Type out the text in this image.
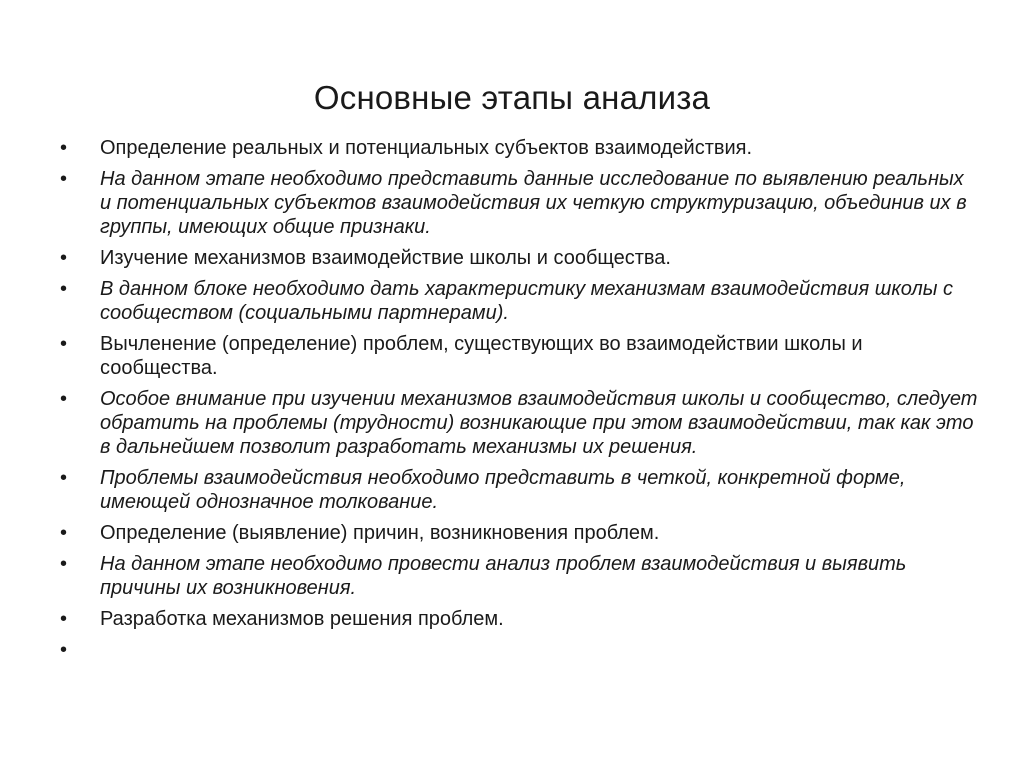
Основные этапы анализа
• Определение реальных и потенциальных субъектов взаимодействия.
• На данном этапе необходимо представить данные исследование по выявлению реальных и потенциальных субъектов взаимодействия их четкую структуризацию, объединив их в группы, имеющих общие признаки.
• Изучение механизмов взаимодействие школы и сообщества.
• В данном блоке необходимо дать характеристику механизмам взаимодействия школы с сообществом (социальными партнерами).
• Вычленение (определение) проблем, существующих во взаимодействии школы и сообщества.
• Особое внимание при изучении механизмов взаимодействия школы и сообщество, следует обратить на проблемы (трудности) возникающие при этом взаимодействии, так как это в дальнейшем позволит разработать механизмы их решения.
• Проблемы взаимодействия необходимо представить в четкой, конкретной форме, имеющей однозначное толкование.
• Определение (выявление) причин, возникновения проблем.
• На данном этапе необходимо провести анализ проблем взаимодействия и выявить причины их возникновения.
• Разработка механизмов решения проблем.
•
